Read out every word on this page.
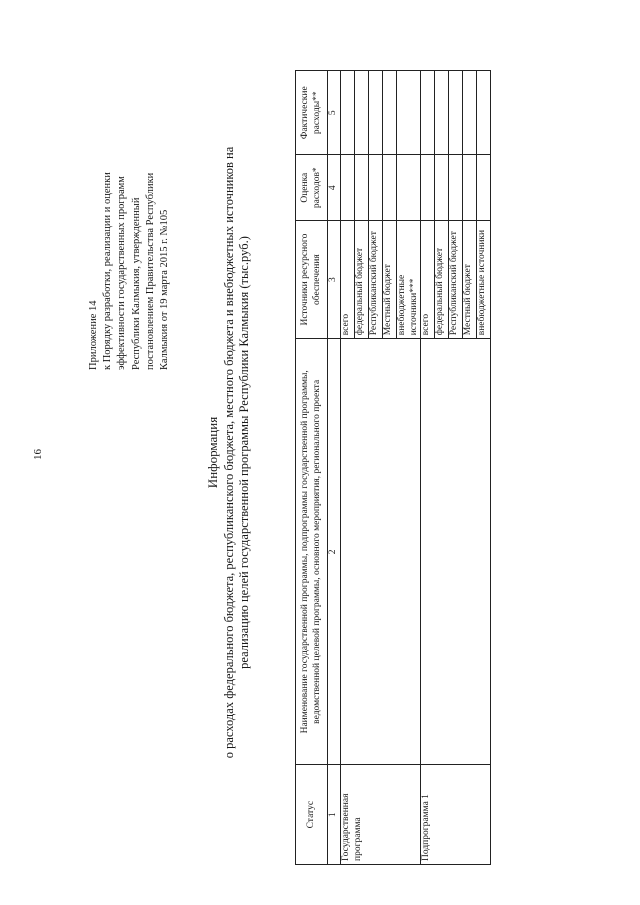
16
Приложение 14 к Порядку разработки, реализации и оценки эффективности государственных программ Республики Калмыкия, утвержденный постановлением Правительства Республики Калмыкия от 19 марта 2015 г. №105
Информация о расходах федерального бюджета, республиканского бюджета, местного бюджета и внебюджетных источников на реализацию целей государственной программы Республики Калмыкия (тыс.руб.)
Статус	Наименование государственной программы, подпрограммы государственной программы, ведомственной целевой программы, основного мероприятия, регионального проекта	Источники ресурсного обеспечения	Оценка расходов*	Фактические расходы**
1	2	3	4	5
Государственная программа		всего		
		федеральный бюджет		
		Республиканский бюджет		
		Местный бюджет		
		внебюджетные источники***		
Подпрограмма 1		всего		
		федеральный бюджет		
		Республиканский бюджет		
		Местный бюджет		
		внебюджетные источники		
